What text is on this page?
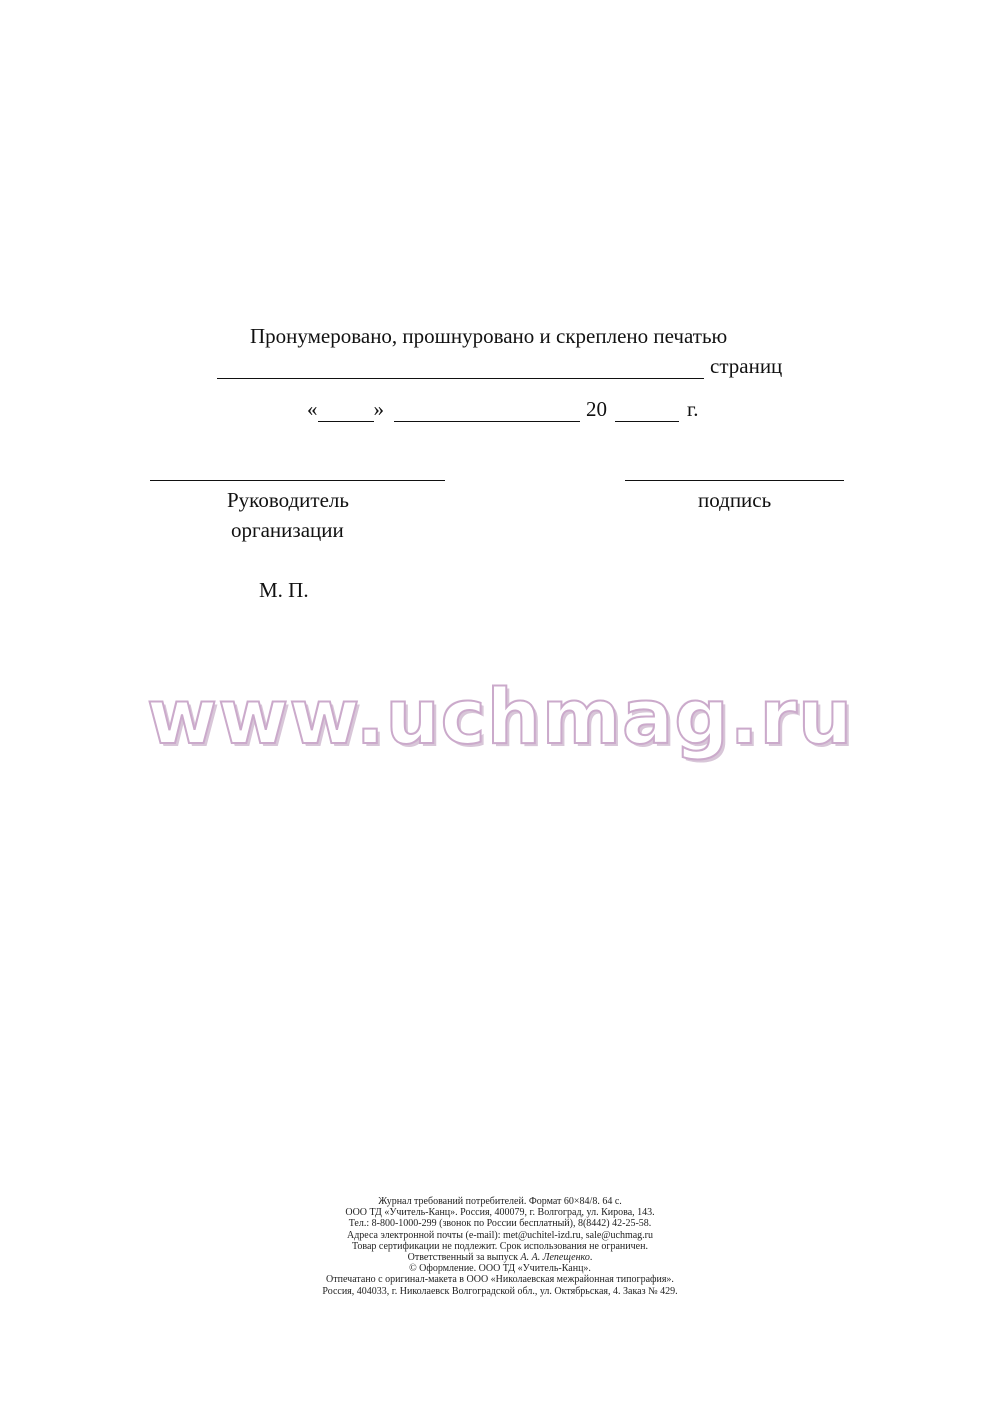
Пронумеровано, прошнуровано и скреплено печатью
страниц
«	»	20	г.
Руководитель
организации
подпись
М. П.
www.uchmag.ru
Журнал требований потребителей. Формат 60×84/8. 64 с.
ООО ТД «Учитель-Канц». Россия, 400079, г. Волгоград, ул. Кирова, 143.
Тел.: 8-800-1000-299 (звонок по России бесплатный), 8(8442) 42-25-58.
Адреса электронной почты (e-mail): met@uchitel-izd.ru, sale@uchmag.ru
Товар сертификации не подлежит. Срок использования не ограничен.
Ответственный за выпуск А. А. Лепещенко.
© Оформление. ООО ТД «Учитель-Канц».
Отпечатано с оригинал-макета в ООО «Николаевская межрайонная типография».
Россия, 404033, г. Николаевск Волгоградской обл., ул. Октябрьская, 4. Заказ № 429.
